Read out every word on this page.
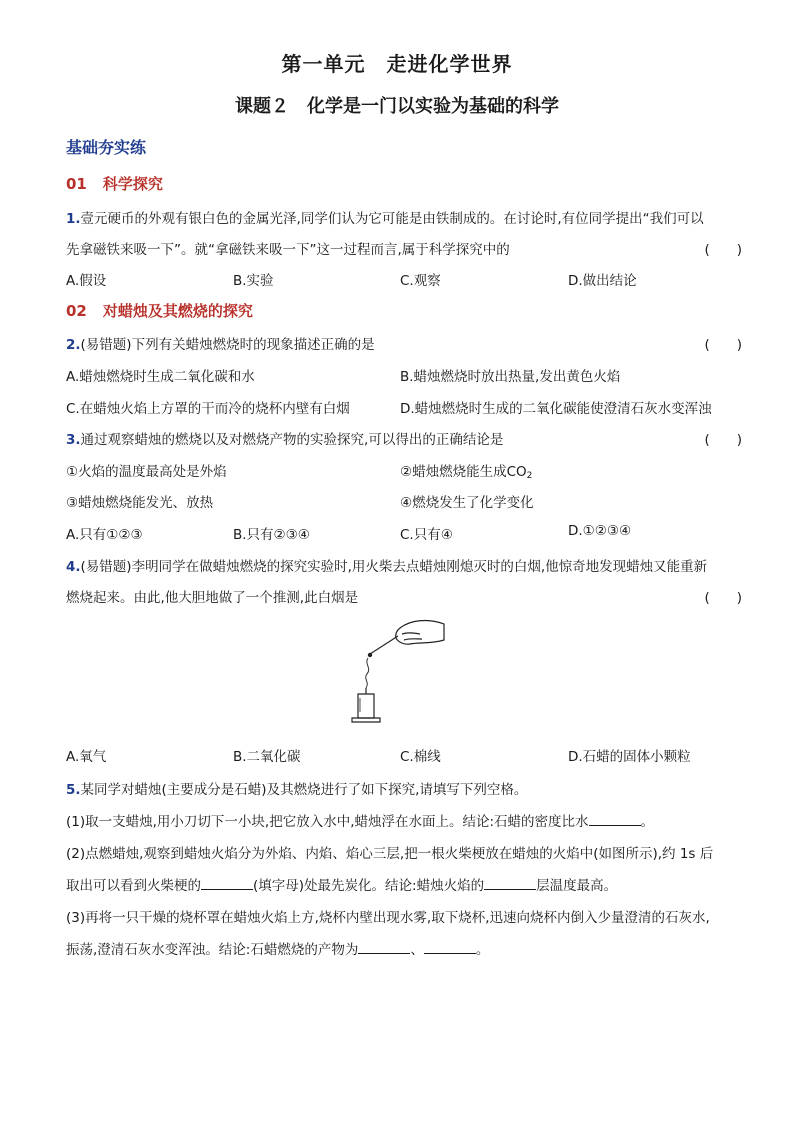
第一单元　走进化学世界
课题２　化学是一门以实验为基础的科学
基础夯实练
01 科学探究
1.壹元硬币的外观有银白色的金属光泽,同学们认为它可能是由铁制成的。在讨论时,有位同学提出“我们可以
先拿磁铁来吸一下”。就“拿磁铁来吸一下”这一过程而言,属于科学探究中的	(　　)
A.假设	B.实验	C.观察	D.做出结论
02 对蜡烛及其燃烧的探究
2.(易错题)下列有关蜡烛燃烧时的现象描述正确的是	(　　)
A.蜡烛燃烧时生成二氧化碳和水	B.蜡烛燃烧时放出热量,发出黄色火焰
C.在蜡烛火焰上方罩的干而冷的烧杯内壁有白烟	D.蜡烛燃烧时生成的二氧化碳能使澄清石灰水变浑浊
3.通过观察蜡烛的燃烧以及对燃烧产物的实验探究,可以得出的正确结论是	(　　)
①火焰的温度最高处是外焰	②蜡烛燃烧能生成CO2
③蜡烛燃烧能发光、放热	④燃烧发生了化学变化
A.只有①②③	B.只有②③④	C.只有④	D.①②③④
4.(易错题)李明同学在做蜡烛燃烧的探究实验时,用火柴去点蜡烛刚熄灭时的白烟,他惊奇地发现蜡烛又能重新
燃烧起来。由此,他大胆地做了一个推测,此白烟是	(　　)
A.氧气	B.二氧化碳	C.棉线	D.石蜡的固体小颗粒
5.某同学对蜡烛(主要成分是石蜡)及其燃烧进行了如下探究,请填写下列空格。
(1)取一支蜡烛,用小刀切下一小块,把它放入水中,蜡烛浮在水面上。结论:石蜡的密度比水	。
(2)点燃蜡烛,观察到蜡烛火焰分为外焰、内焰、焰心三层,把一根火柴梗放在蜡烛的火焰中(如图所示),约 1s 后
取出可以看到火柴梗的	(填字母)处最先炭化。结论:蜡烛火焰的	层温度最高。
(3)再将一只干燥的烧杯罩在蜡烛火焰上方,烧杯内壁出现水雾,取下烧杯,迅速向烧杯内倒入少量澄清的石灰水,
振荡,澄清石灰水变浑浊。结论:石蜡燃烧的产物为	、	。
